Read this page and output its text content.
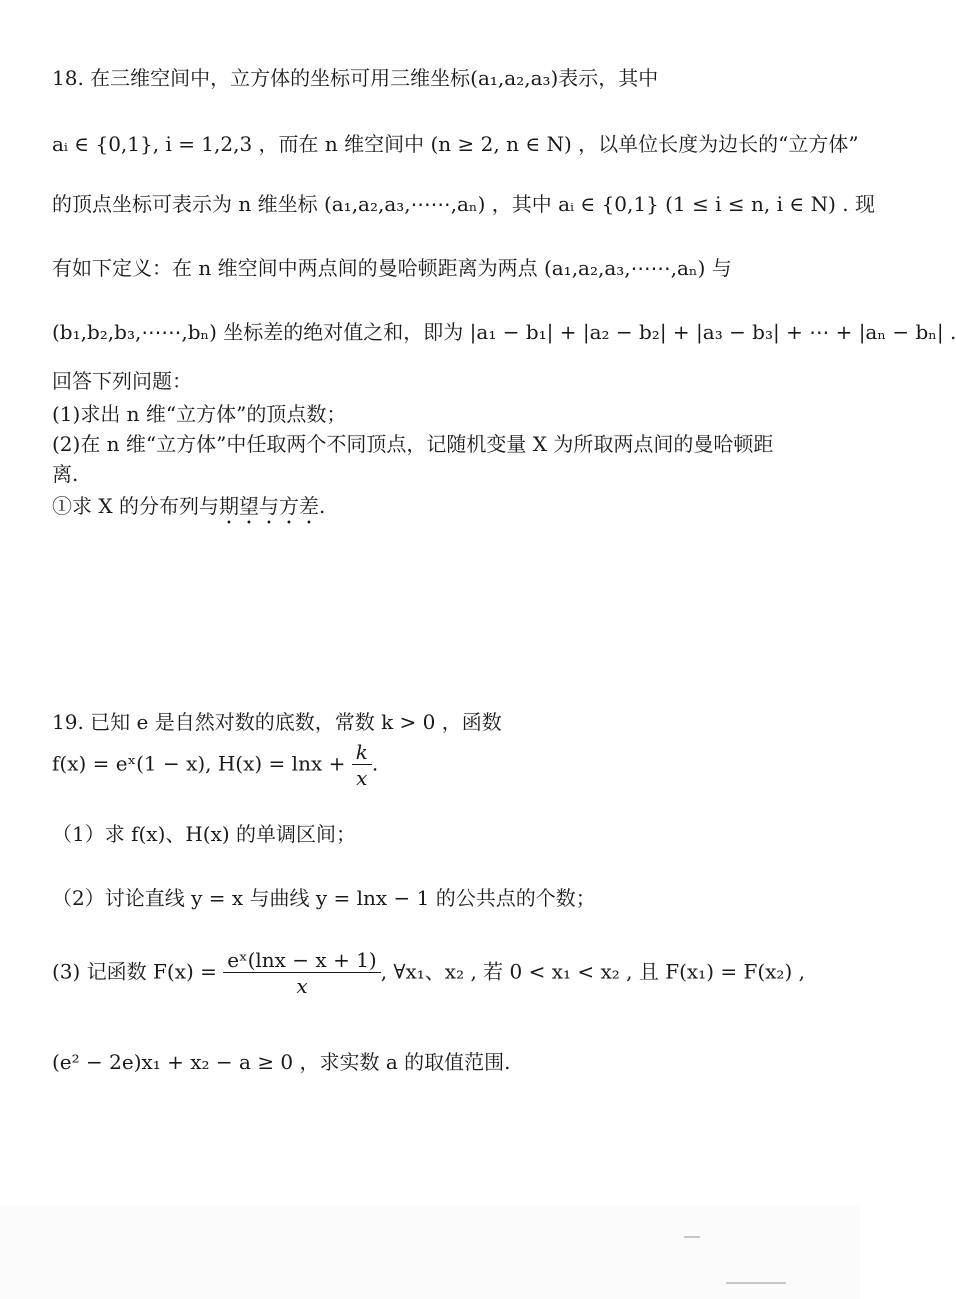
18. 在三维空间中，立方体的坐标可用三维坐标(a₁,a₂,a₃)表示，其中
aᵢ ∈ {0,1}, i = 1,2,3 ，而在 n 维空间中 (n ≥ 2, n ∈ N) ，以单位长度为边长的“立方体”
的顶点坐标可表示为 n 维坐标 (a₁,a₂,a₃,⋯⋯,aₙ) ，其中 aᵢ ∈ {0,1} (1 ≤ i ≤ n, i ∈ N) . 现
有如下定义：在 n 维空间中两点间的曼哈顿距离为两点 (a₁,a₂,a₃,⋯⋯,aₙ) 与
(b₁,b₂,b₃,⋯⋯,bₙ) 坐标差的绝对值之和，即为 |a₁ − b₁| + |a₂ − b₂| + |a₃ − b₃| + ⋯ + |aₙ − bₙ| .
回答下列问题：
(1)求出 n 维“立方体”的顶点数；
(2)在 n 维“立方体”中任取两个不同顶点，记随机变量 X 为所取两点间的曼哈顿距
离.
①求 X 的分布列与期望与方差.
19. 已知 e 是自然对数的底数，常数 k > 0 ，函数
f(x) = eˣ(1 − x), $H(x) = \ln x + \frac{k}{x}$ .
（1）求 f(x)、H(x) 的单调区间；
（2）讨论直线 y = x 与曲线 y = lnx − 1 的公共点的个数；
(3) 记函数 $F(x) = \frac{\text{eˣ(lnx − x + 1)}}{x}$ , ∀x₁、x₂ , 若 0 < x₁ < x₂ , 且 F(x₁) = F(x₂) ,
(e² − 2e)x₁ + x₂ − a ≥ 0 ，求实数 a 的取值范围.
